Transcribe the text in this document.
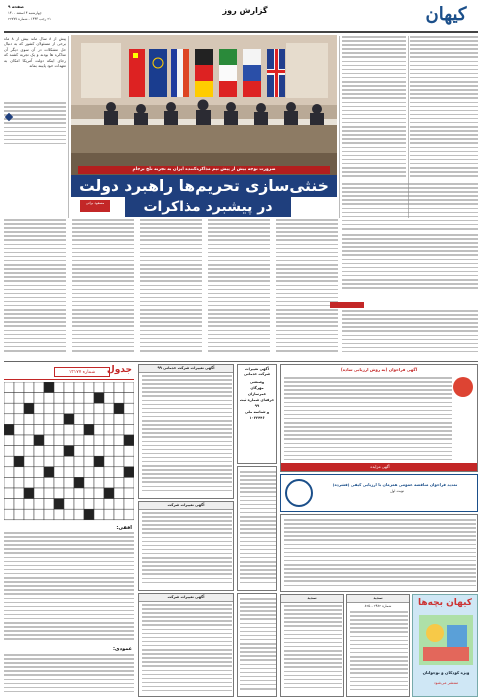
صفحه ۹
چهارشنبه ۴ اسفند ۱۴۰۰
۲۱ رجب ۱۴۴۳ - شماره ۲۲۷۷۷
گزارش روز	کیهان
ضرورت توجه بیش از پیش تیم مذاکره‌کننده ایران به تجربه تلخ برجام
خنثی‌سازی تحریم‌ها راهبرد دولت
در پیشبرد مذاکرات
مسعود براتی
پیش از ۸ سال ماند بیش از ۸ ماه برخی از مسئولان کشور که به دنبال حل مشکلات در آن سوی دیگر آن مذاکره ها بودند و یک تجربه کشند که رجای اینکه دولت آمریکا امکان به تعهدات خود پایبند بماند
جدول
شماره ۱۲۱۷۷
افقی:
عمودی:
آگهی تغییرات شرکت خدماتی ۹۹
آگهی تغییرات شرکت
آگهی تغییرات شرکت
آگهی تغییرات شرکت خدماتی
وصنعتی
مهرگان
عمرسازان
حرفه‌ای شماره ثبت ۹۹
و شناسه ملی
۱۰۳۲۴۴۶
آگهی فراخوان (به روش ارزیابی ساده)
آگهی مزایده
تمدید فراخوان مناقصه عمومی همزمان با ارزیابی کیفی (فشرده)
نوبت اول
تمدید	تمدید
شماره ۸۲۵۰۰۲۴۸۲	کیهان بچه‌ها
ویژه کودکان و نوجوانان
منتشر می‌شود
